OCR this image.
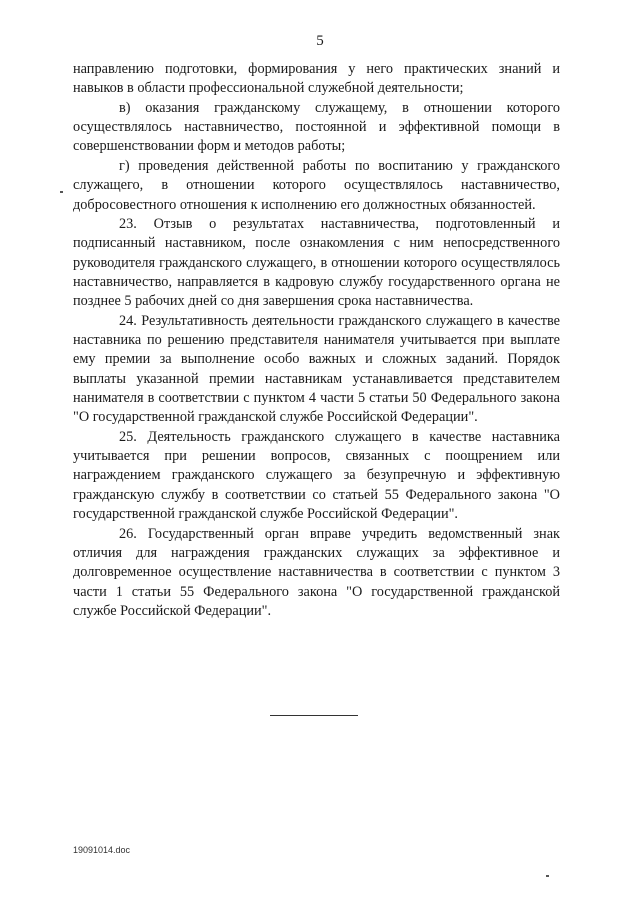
5

направлению подготовки, формирования у него практических знаний и навыков в области профессиональной служебной деятельности;

в) оказания гражданскому служащему, в отношении которого осуществлялось наставничество, постоянной и эффективной помощи в совершенствовании форм и методов работы;

г) проведения действенной работы по воспитанию у гражданского служащего, в отношении которого осуществлялось наставничество, добросовестного отношения к исполнению его должностных обязанностей.

23. Отзыв о результатах наставничества, подготовленный и подписанный наставником, после ознакомления с ним непосредственного руководителя гражданского служащего, в отношении которого осуществлялось наставничество, направляется в кадровую службу государственного органа не позднее 5 рабочих дней со дня завершения срока наставничества.

24. Результативность деятельности гражданского служащего в качестве наставника по решению представителя нанимателя учитывается при выплате ему премии за выполнение особо важных и сложных заданий. Порядок выплаты указанной премии наставникам устанавливается представителем нанимателя в соответствии с пунктом 4 части 5 статьи 50 Федерального закона "О государственной гражданской службе Российской Федерации".

25. Деятельность гражданского служащего в качестве наставника учитывается при решении вопросов, связанных с поощрением или награждением гражданского служащего за безупречную и эффективную гражданскую службу в соответствии со статьей 55 Федерального закона "О государственной гражданской службе Российской Федерации".

26. Государственный орган вправе учредить ведомственный знак отличия для награждения гражданских служащих за эффективное и долговременное осуществление наставничества в соответствии с пунктом 3 части 1 статьи 55 Федерального закона "О государственной гражданской службе Российской Федерации".

19091014.doc
